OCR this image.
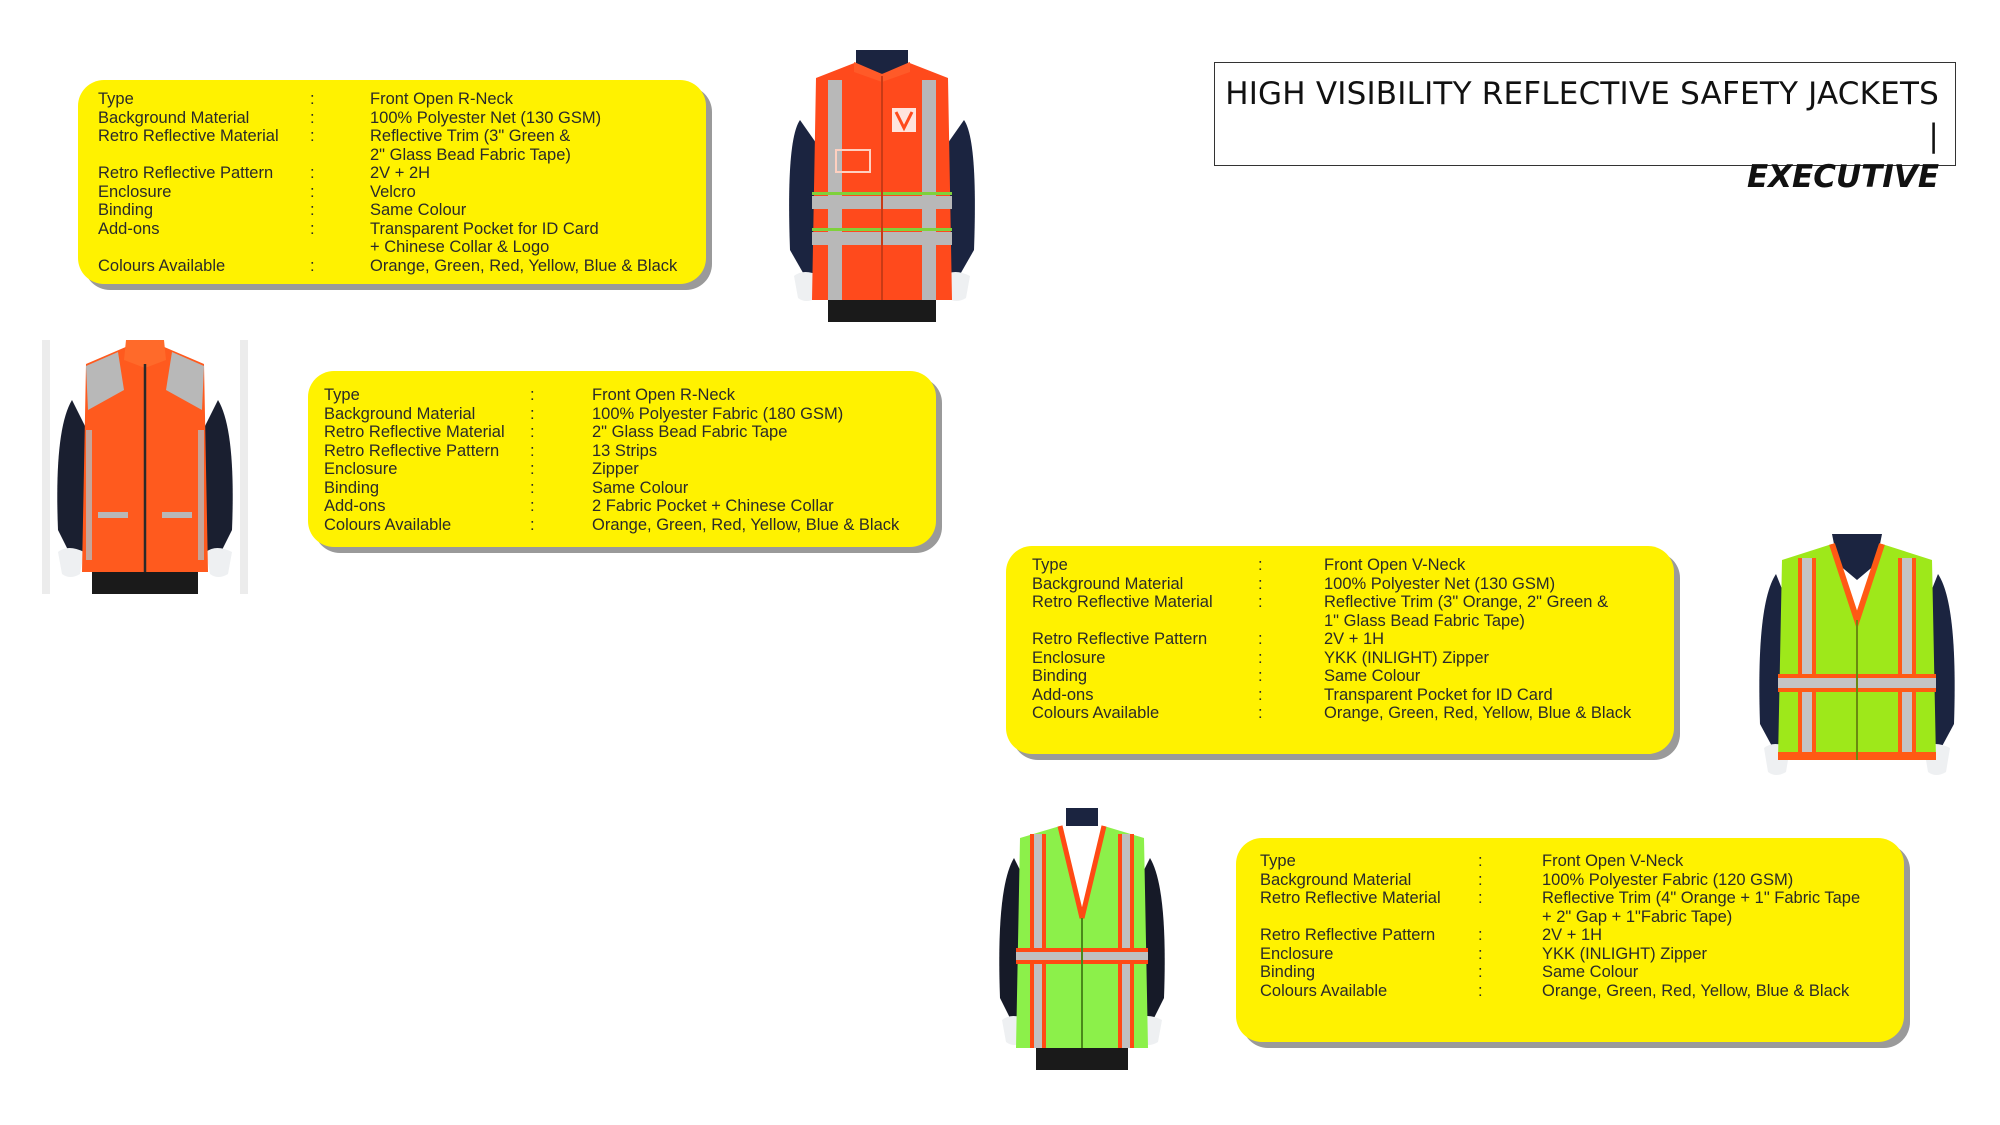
HIGH VISIBILITY REFLECTIVE SAFETY JACKETS |
EXECUTIVE
Type	:	Front Open R-Neck
Background Material	:	100% Polyester Net (130 GSM)
Retro Reflective Material :	Reflective Trim (3" Green &
2" Glass Bead Fabric Tape)
Retro Reflective Pattern :	2V + 2H
Enclosure	:	Velcro
Binding	:	Same Colour
Add-ons	:	Transparent Pocket for ID Card
+ Chinese Collar & Logo
Colours Available	:	Orange, Green, Red, Yellow, Blue & Black
Type	:	Front Open R-Neck
Background Material	:	100% Polyester Fabric (180 GSM)
Retro Reflective Material :	2" Glass Bead Fabric Tape
Retro Reflective Pattern :	13 Strips
Enclosure	:	Zipper
Binding	:	Same Colour
Add-ons	:	2 Fabric Pocket + Chinese Collar
Colours Available	:	Orange, Green, Red, Yellow, Blue & Black
Type	:	Front Open V-Neck
Background Material	:	100% Polyester Net (130 GSM)
Retro Reflective Material	:	Reflective Trim (3" Orange, 2" Green &
1" Glass Bead Fabric Tape)
Retro Reflective Pattern	:	2V + 1H
Enclosure	:	YKK (INLIGHT) Zipper
Binding	:	Same Colour
Add-ons	:	Transparent Pocket for ID Card
Colours Available	:	Orange, Green, Red, Yellow, Blue & Black
Type	:	Front Open V-Neck
Background Material	:	100% Polyester Fabric (120 GSM)
Retro Reflective Material :	Reflective Trim (4" Orange + 1" Fabric Tape
+ 2" Gap + 1"Fabric Tape)
Retro Reflective Pattern	:	2V + 1H
Enclosure	:	YKK (INLIGHT) Zipper
Binding	:	Same Colour
Colours Available	:	Orange, Green, Red, Yellow, Blue & Black
